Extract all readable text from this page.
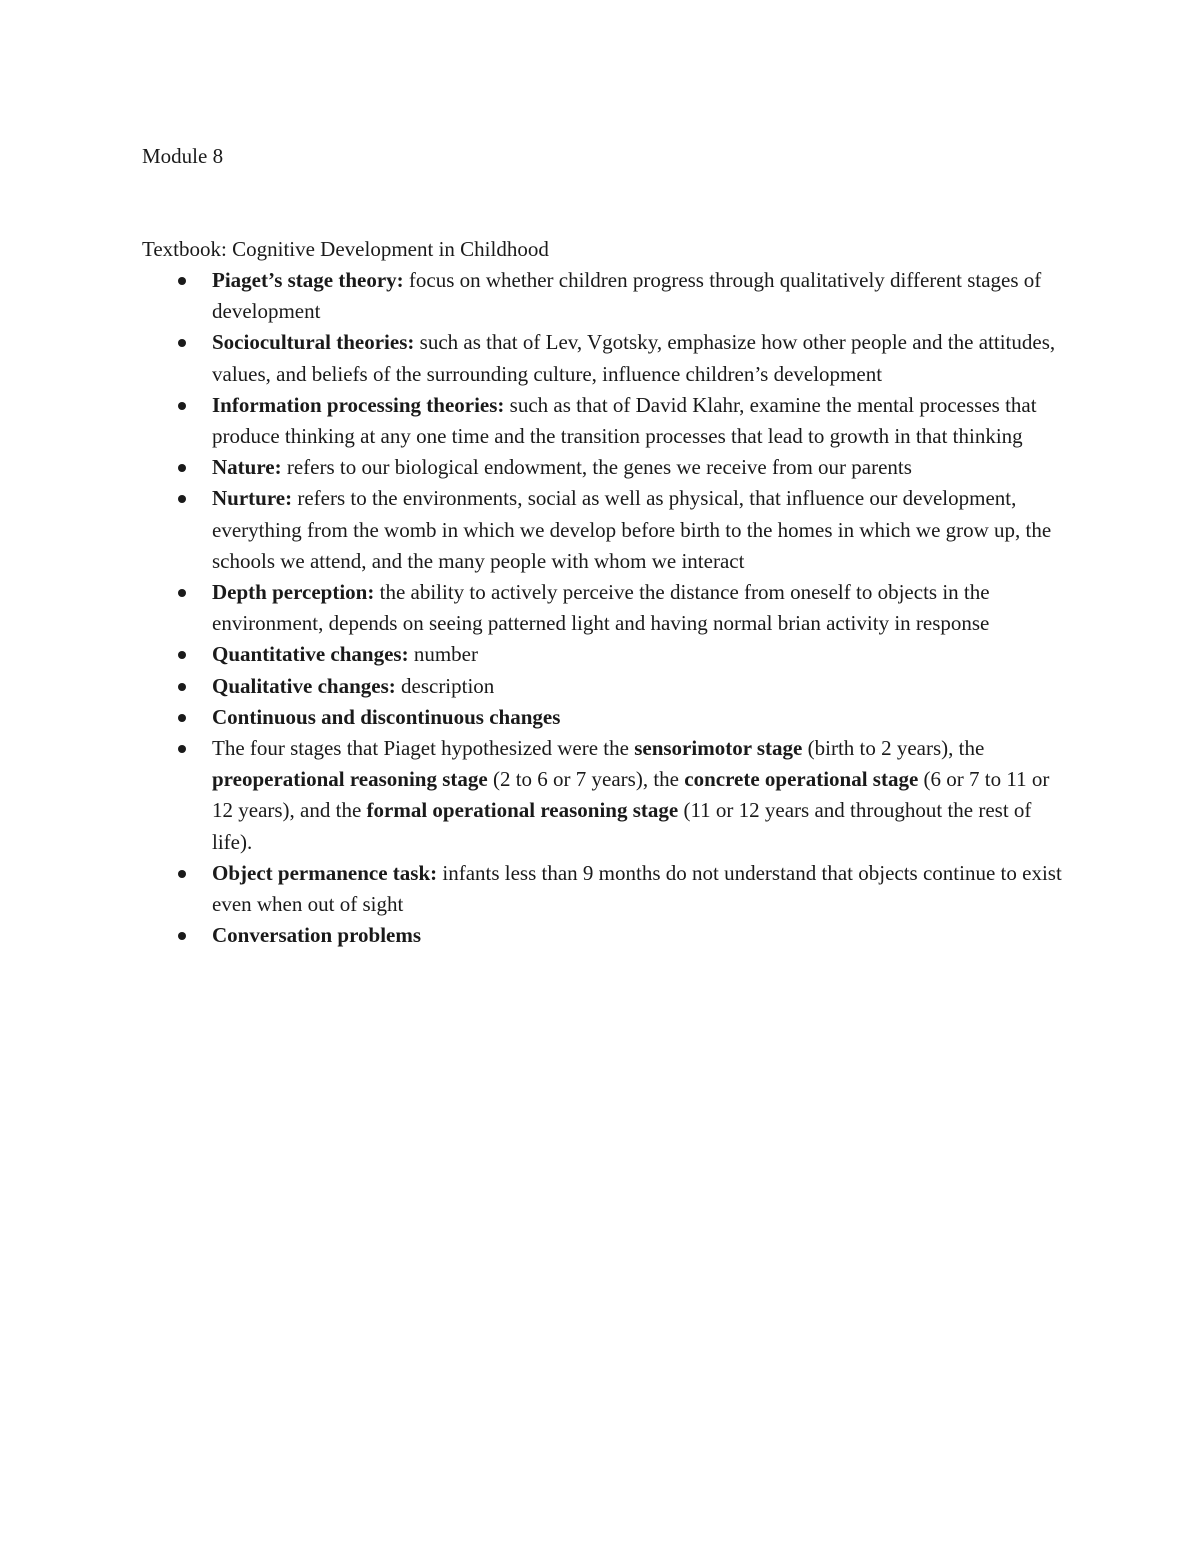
Module 8

Textbook: Cognitive Development in Childhood

Piaget’s stage theory: focus on whether children progress through qualitatively different stages of development
Sociocultural theories: such as that of Lev, Vgotsky, emphasize how other people and the attitudes, values, and beliefs of the surrounding culture, influence children’s development
Information processing theories: such as that of David Klahr, examine the mental processes that produce thinking at any one time and the transition processes that lead to growth in that thinking
Nature: refers to our biological endowment, the genes we receive from our parents
Nurture: refers to the environments, social as well as physical, that influence our development, everything from the womb in which we develop before birth to the homes in which we grow up, the schools we attend, and the many people with whom we interact
Depth perception: the ability to actively perceive the distance from oneself to objects in the environment, depends on seeing patterned light and having normal brian activity in response
Quantitative changes: number
Qualitative changes: description
Continuous and discontinuous changes
The four stages that Piaget hypothesized were the sensorimotor stage (birth to 2 years), the preoperational reasoning stage (2 to 6 or 7 years), the concrete operational stage (6 or 7 to 11 or 12 years), and the formal operational reasoning stage (11 or 12 years and throughout the rest of life).
Object permanence task: infants less than 9 months do not understand that objects continue to exist even when out of sight
Conversation problems
